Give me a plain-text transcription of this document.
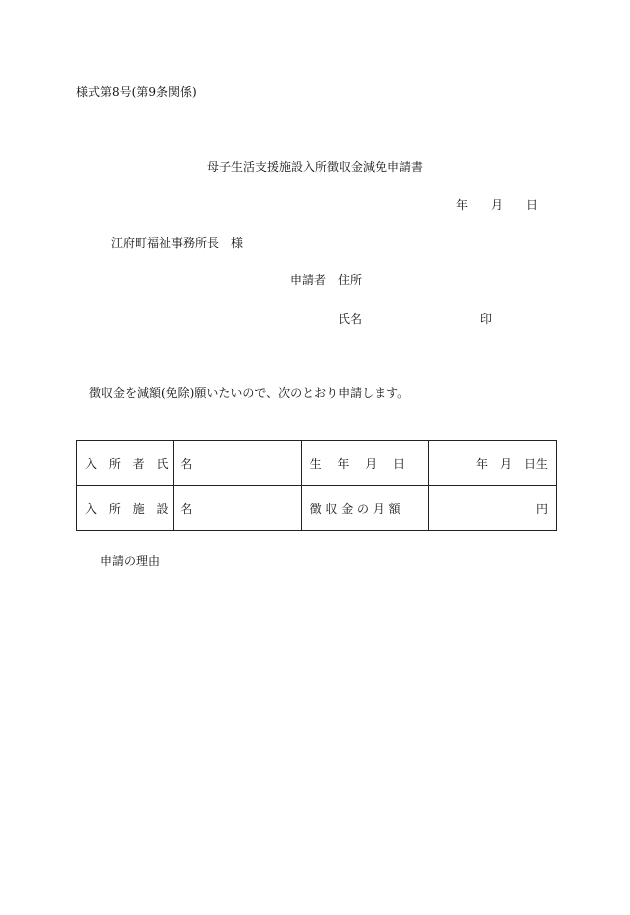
様式第8号(第9条関係)
母子生活支援施設入所徴収金減免申請書
年 月 日
江府町福祉事務所長　様
申請者 住所
氏名	印
徴収金を減額(免除)願いたいので、次のとおり申請します。
入 所 者 氏 名		生　 年　 月　 日	年　月　日生
入 所 施 設 名		徴 収 金 の 月 額	円
申請の理由
